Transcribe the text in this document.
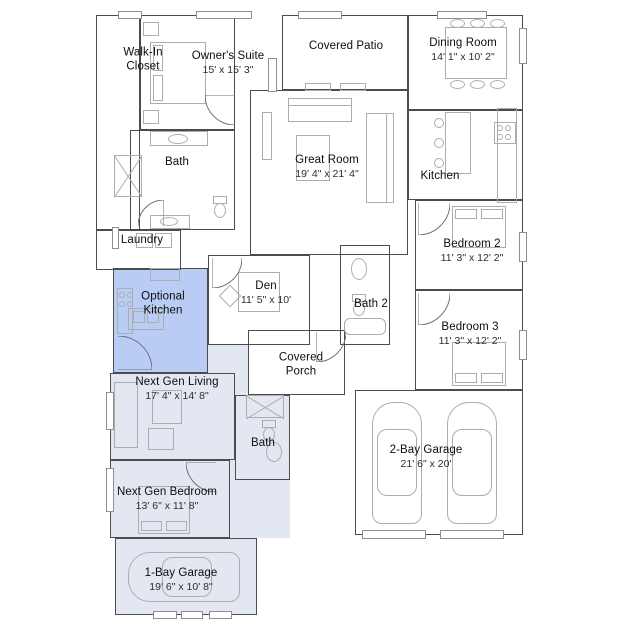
Walk-In Closet
Owner's Suite
15' x 15' 3"
Covered Patio	Dining Room
14' 1" x 10' 2"
Bath	Great Room
19' 4" x 21' 4"	Kitchen
Laundry	Bedroom 2
11' 3" x 12' 2"
Optional Kitchen
Den
11' 5" x 10'	Bath 2
Bedroom 3
11' 3" x 12' 2"
Covered Porch
Next Gen Living
17' 4" x 14' 8"
Bath
Next Gen Bedroom
13' 6" x 11' 8"
1-Bay Garage
19' 6" x 10' 8"
2-Bay Garage
21' 6" x 20'
